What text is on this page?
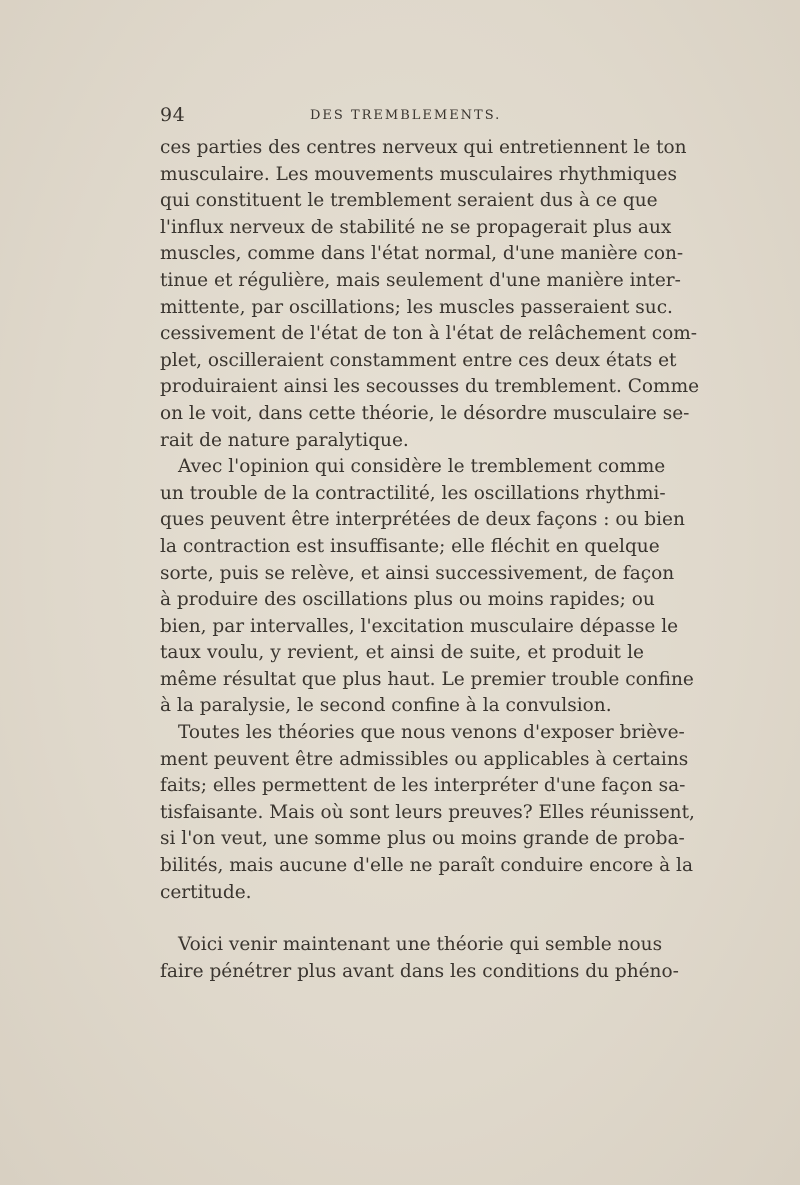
94	DES TREMBLEMENTS.
ces parties des centres nerveux qui entretiennent le ton
musculaire. Les mouvements musculaires rhythmiques
qui constituent le tremblement seraient dus à ce que
l'influx nerveux de stabilité ne se propagerait plus aux
muscles, comme dans l'état normal, d'une manière con-
tinue et régulière, mais seulement d'une manière inter-
mittente, par oscillations; les muscles passeraient suc.
cessivement de l'état de ton à l'état de relâchement com-
plet, oscilleraient constamment entre ces deux états et
produiraient ainsi les secousses du tremblement. Comme
on le voit, dans cette théorie, le désordre musculaire se-
rait de nature paralytique.
Avec l'opinion qui considère le tremblement comme
un trouble de la contractilité, les oscillations rhythmi-
ques peuvent être interprétées de deux façons : ou bien
la contraction est insuffisante; elle fléchit en quelque
sorte, puis se relève, et ainsi successivement, de façon
à produire des oscillations plus ou moins rapides; ou
bien, par intervalles, l'excitation musculaire dépasse le
taux voulu, y revient, et ainsi de suite, et produit le
même résultat que plus haut. Le premier trouble confine
à la paralysie, le second confine à la convulsion.
Toutes les théories que nous venons d'exposer briève-
ment peuvent être admissibles ou applicables à certains
faits; elles permettent de les interpréter d'une façon sa-
tisfaisante. Mais où sont leurs preuves? Elles réunissent,
si l'on veut, une somme plus ou moins grande de proba-
bilités, mais aucune d'elle ne paraît conduire encore à la
certitude.
Voici venir maintenant une théorie qui semble nous
faire pénétrer plus avant dans les conditions du phéno-
